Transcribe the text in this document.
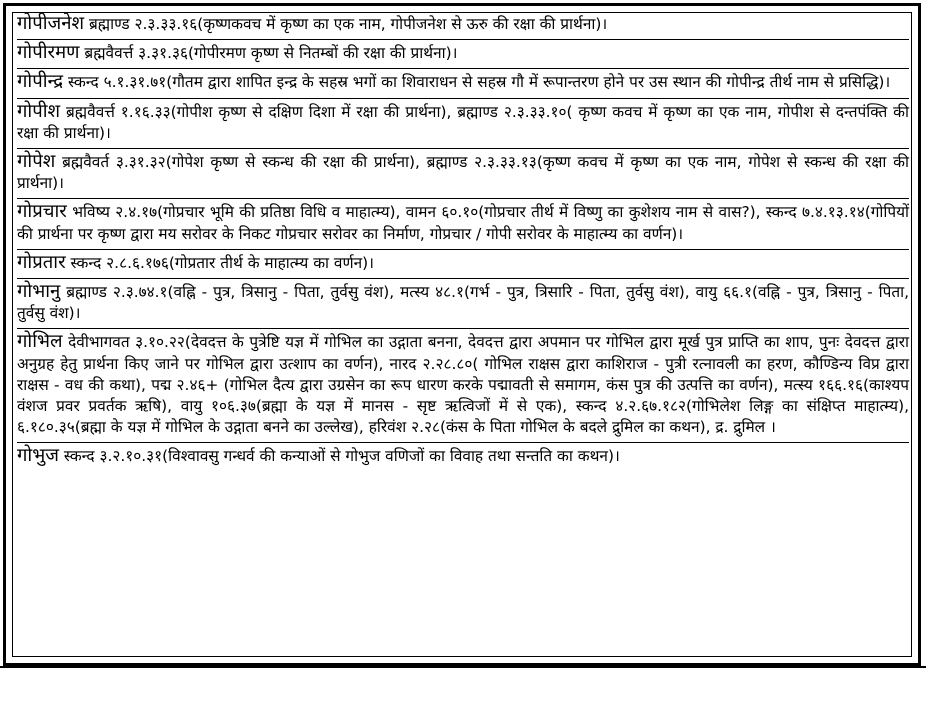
गोपीजनेश ब्रह्माण्ड २.३.३३.१६(कृष्णकवच में कृष्ण का एक नाम, गोपीजनेश से ऊरु की रक्षा की प्रार्थना)।

गोपीरमण ब्रह्मवैवर्त्त ३.३१.३६(गोपीरमण कृष्ण से नितम्बों की रक्षा की प्रार्थना)।

गोपीन्द्र स्कन्द ५.१.३१.७१(गौतम द्वारा शापित इन्द्र के सहस्र भगों का शिवाराधन से सहस्र गौ में रूपान्तरण होने पर उस स्थान की गोपीन्द्र तीर्थ नाम से प्रसिद्धि)।

गोपीश ब्रह्मवैवर्त्त १.१६.३३(गोपीश कृष्ण से दक्षिण दिशा में रक्षा की प्रार्थना), ब्रह्माण्ड २.३.३३.१०( कृष्ण कवच में कृष्ण का एक नाम, गोपीश से दन्तपंक्ति की रक्षा की प्रार्थना)।

गोपेश ब्रह्मवैवर्त ३.३१.३२(गोपेश कृष्ण से स्कन्ध की रक्षा की प्रार्थना), ब्रह्माण्ड २.३.३३.१३(कृष्ण कवच में कृष्ण का एक नाम, गोपेश से स्कन्ध की रक्षा की प्रार्थना)।

गोप्रचार भविष्य २.४.१७(गोप्रचार भूमि की प्रतिष्ठा विधि व माहात्म्य), वामन ६०.१०(गोप्रचार तीर्थ में विष्णु का कुशेशय नाम से वास?), स्कन्द ७.४.१३.१४(गोपियों की प्रार्थना पर कृष्ण द्वारा मय सरोवर के निकट गोप्रचार सरोवर का निर्माण, गोप्रचार / गोपी सरोवर के माहात्म्य का वर्णन)।

गोप्रतार स्कन्द २.८.६.१७६(गोप्रतार तीर्थ के माहात्म्य का वर्णन)।

गोभानु ब्रह्माण्ड २.३.७४.१(वह्नि - पुत्र, त्रिसानु - पिता, तुर्वसु वंश), मत्स्य ४८.१(गर्भ - पुत्र, त्रिसारि - पिता, तुर्वसु वंश), वायु ६६.१(वह्नि - पुत्र, त्रिसानु - पिता, तुर्वसु वंश)।

गोभिल देवीभागवत ३.१०.२२(देवदत्त के पुत्रेष्टि यज्ञ में गोभिल का उद्गाता बनना, देवदत्त द्वारा अपमान पर गोभिल द्वारा मूर्ख पुत्र प्राप्ति का शाप, पुनः देवदत्त द्वारा अनुग्रह हेतु प्रार्थना किए जाने पर गोभिल द्वारा उत्शाप का वर्णन), नारद २.२८.८०( गोभिल राक्षस द्वारा काशिराज - पुत्री रत्नावली का हरण, कौण्डिन्य विप्र द्वारा राक्षस - वध की कथा), पद्म २.४६+ (गोभिल दैत्य द्वारा उग्रसेन का रूप धारण करके पद्मावती से समागम, कंस पुत्र की उत्पत्ति का वर्णन), मत्स्य १६६.१६(काश्यप वंशज प्रवर प्रवर्तक ऋषि), वायु १०६.३७(ब्रह्मा के यज्ञ में मानस - सृष्ट ऋत्विजों में से एक), स्कन्द ४.२.६७.१८२(गोभिलेश लिङ्ग का संक्षिप्त माहात्म्य), ६.१८०.३५(ब्रह्मा के यज्ञ में गोभिल के उद्गाता बनने का उल्लेख), हरिवंश २.२८(कंस के पिता गोभिल के बदले द्रुमिल का कथन), द्र. द्रुमिल ।

गोभुज स्कन्द ३.२.१०.३१(विश्वावसु गन्धर्व की कन्याओं से गोभुज वणिजों का विवाह तथा सन्तति का कथन)।
